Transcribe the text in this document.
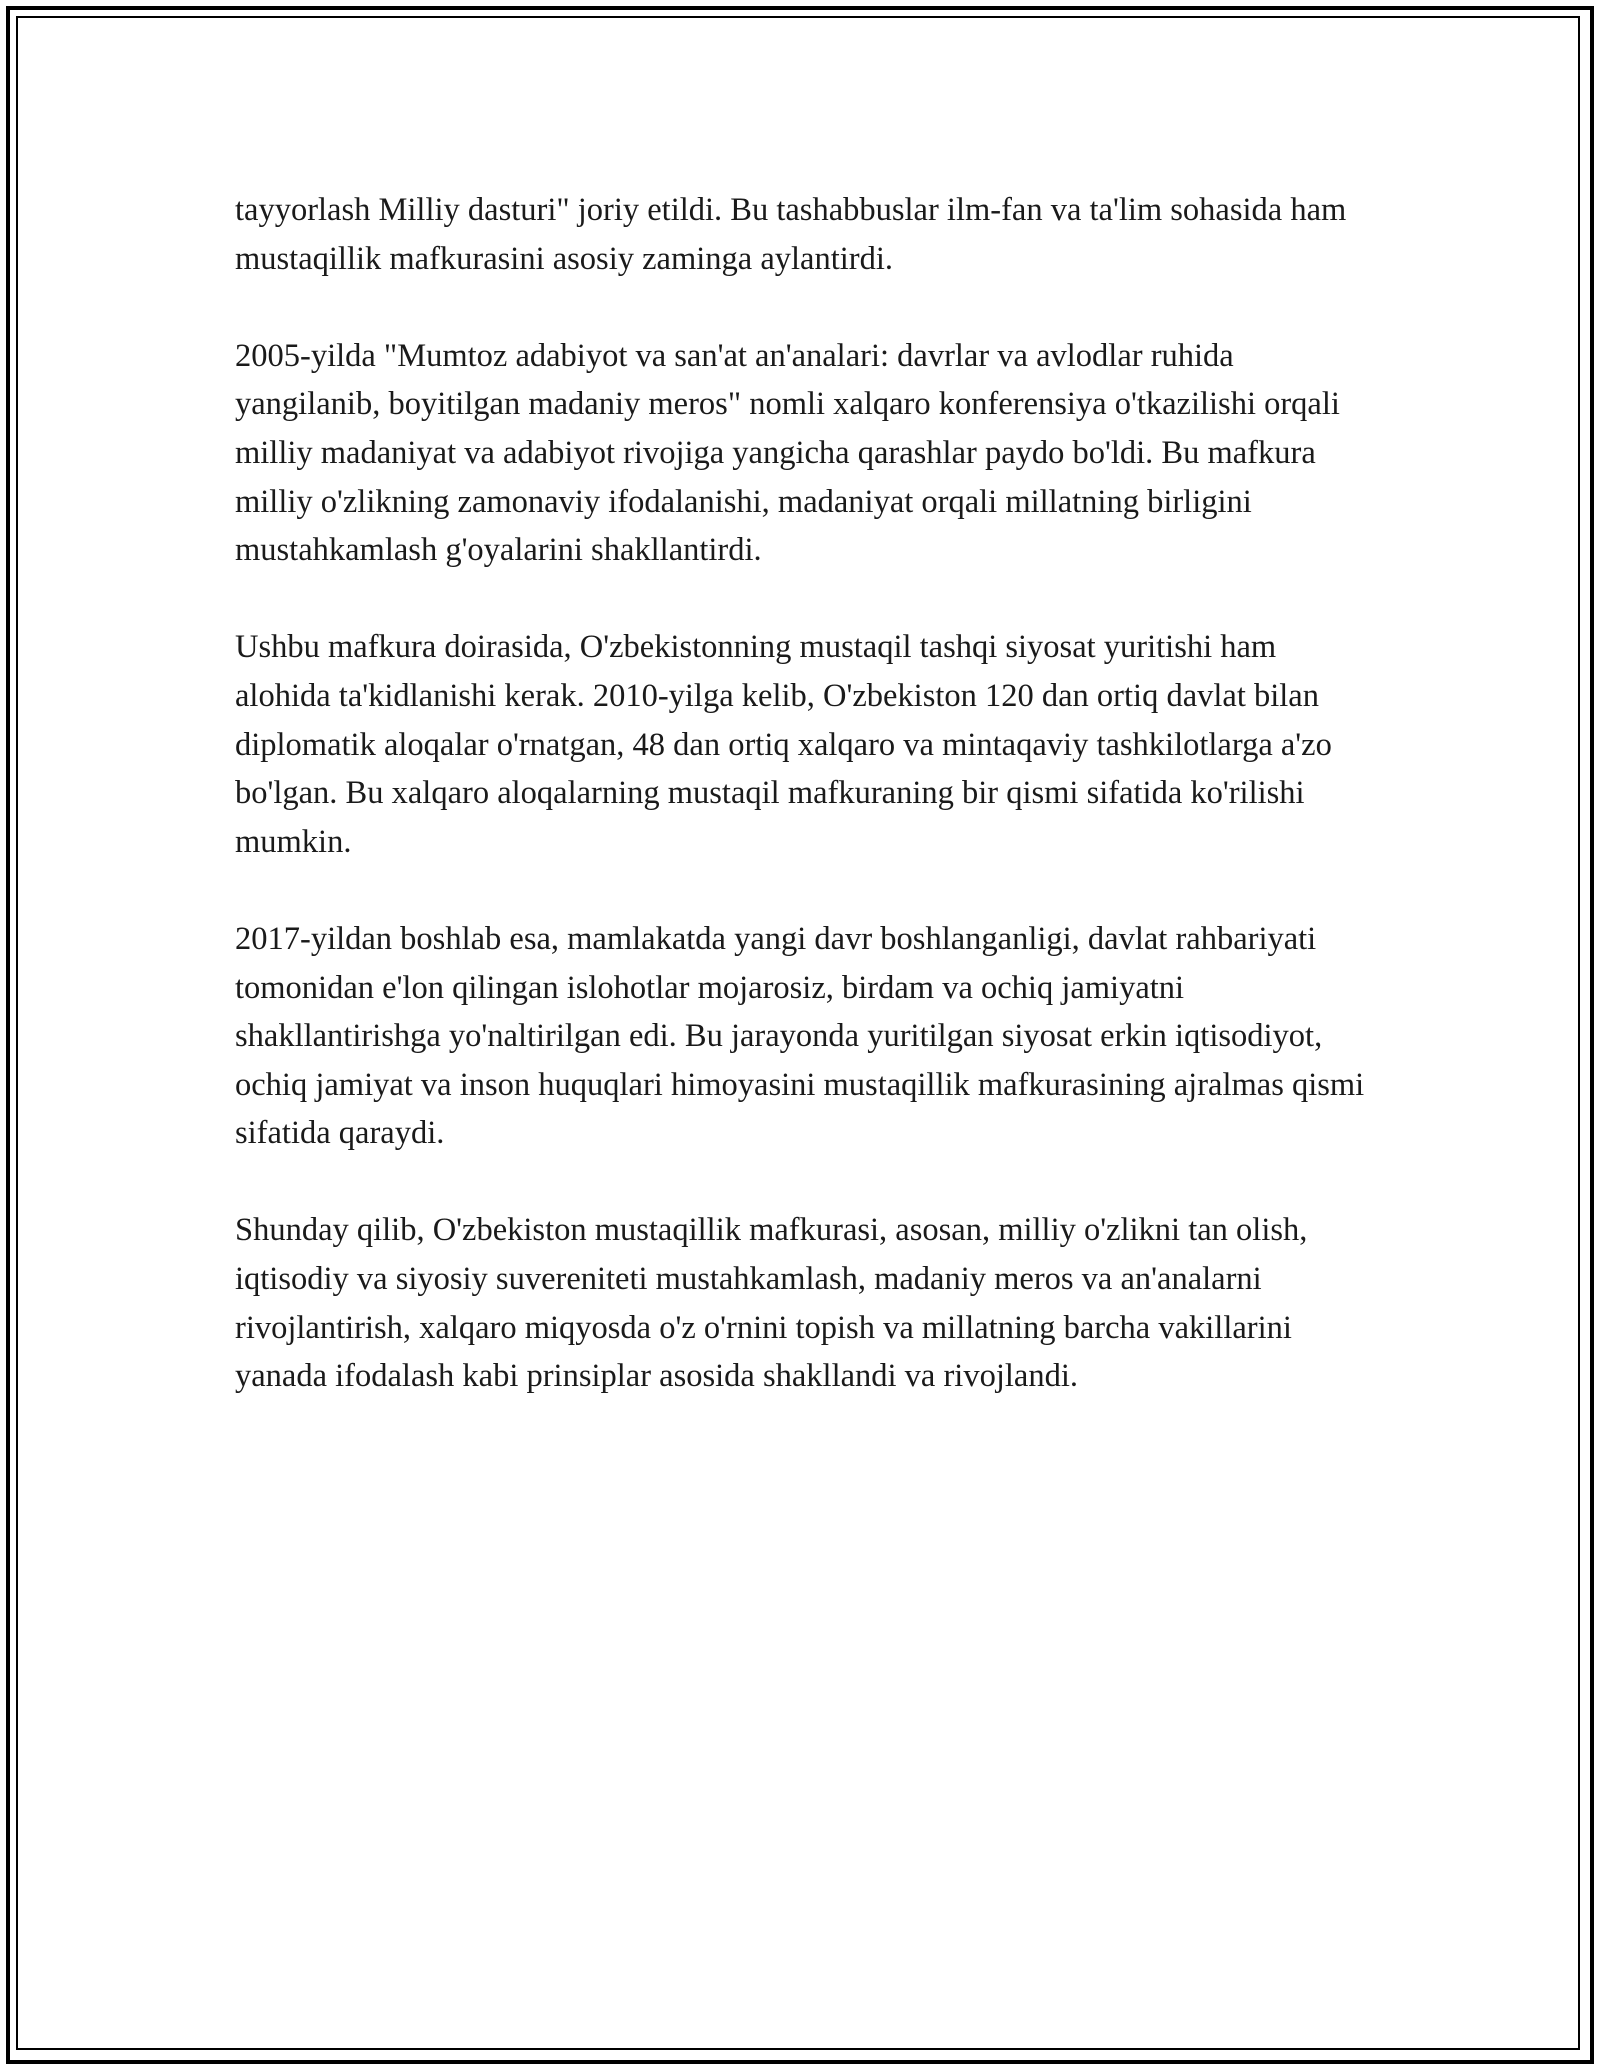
tayyorlash Milliy dasturi" joriy etildi. Bu tashabbuslar ilm-fan va ta'lim sohasida ham mustaqillik mafkurasini asosiy zaminga aylantirdi.

2005-yilda "Mumtoz adabiyot va san'at an'analari: davrlar va avlodlar ruhida yangilanib, boyitilgan madaniy meros" nomli xalqaro konferensiya o'tkazilishi orqali milliy madaniyat va adabiyot rivojiga yangicha qarashlar paydo bo'ldi. Bu mafkura milliy o'zlikning zamonaviy ifodalanishi, madaniyat orqali millatning birligini mustahkamlash g'oyalarini shakllantirdi.

Ushbu mafkura doirasida, O'zbekistonning mustaqil tashqi siyosat yuritishi ham alohida ta'kidlanishi kerak. 2010-yilga kelib, O'zbekiston 120 dan ortiq davlat bilan diplomatik aloqalar o'rnatgan, 48 dan ortiq xalqaro va mintaqaviy tashkilotlarga a'zo bo'lgan. Bu xalqaro aloqalarning mustaqil mafkuraning bir qismi sifatida ko'rilishi mumkin.

2017-yildan boshlab esa, mamlakatda yangi davr boshlanganligi, davlat rahbariyati tomonidan e'lon qilingan islohotlar mojarosiz, birdam va ochiq jamiyatni shakllantirishga yo'naltirilgan edi. Bu jarayonda yuritilgan siyosat erkin iqtisodiyot, ochiq jamiyat va inson huquqlari himoyasini mustaqillik mafkurasining ajralmas qismi sifatida qaraydi.

Shunday qilib, O'zbekiston mustaqillik mafkurasi, asosan, milliy o'zlikni tan olish, iqtisodiy va siyosiy suvereniteti mustahkamlash, madaniy meros va an'analarni rivojlantirish, xalqaro miqyosda o'z o'rnini topish va millatning barcha vakillarini yanada ifodalash kabi prinsiplar asosida shakllandi va rivojlandi.
